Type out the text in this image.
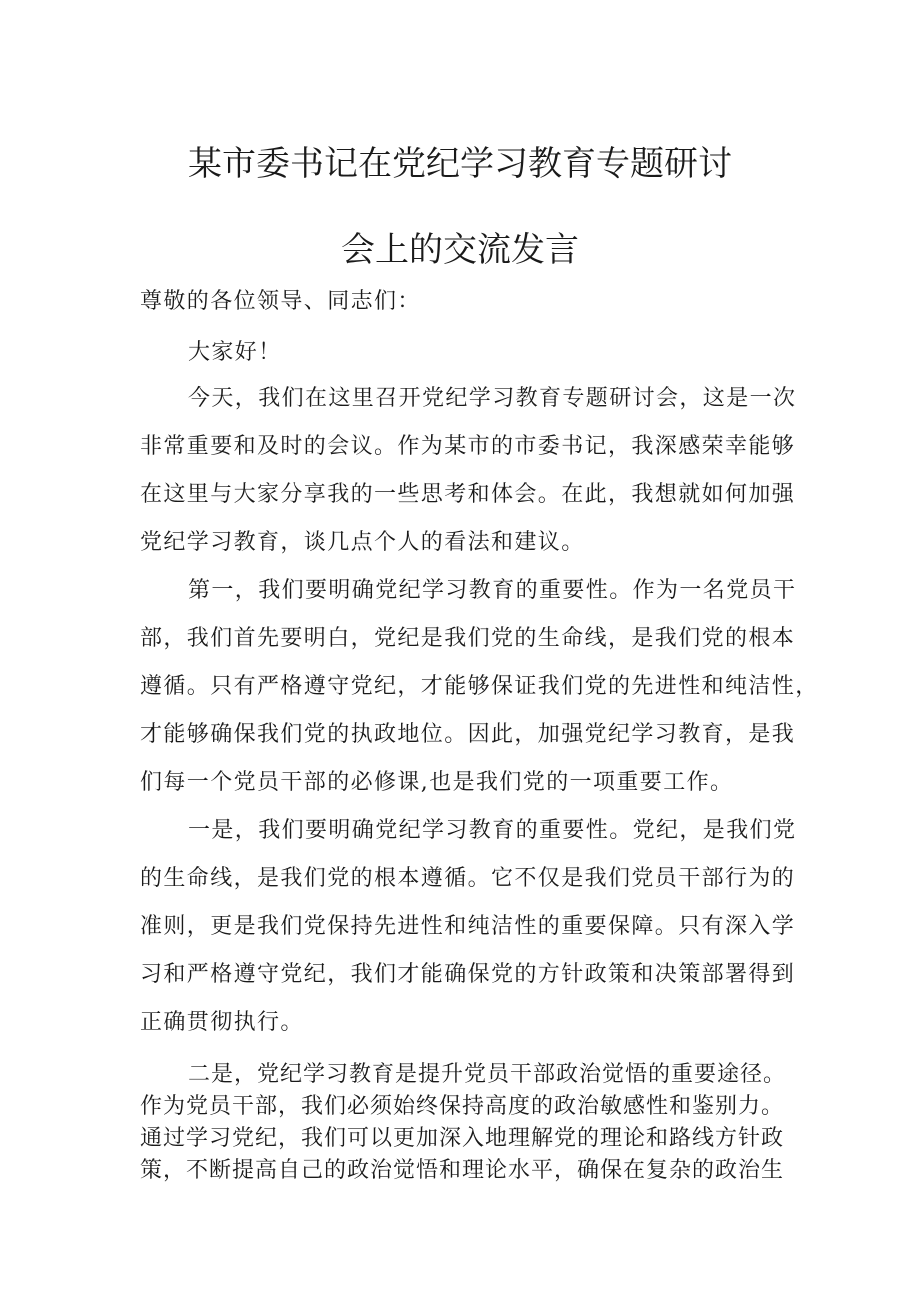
某市委书记在党纪学习教育专题研讨
会上的交流发言

尊敬的各位领导、同志们：

大家好！

今天，我们在这里召开党纪学习教育专题研讨会，这是一次

非常重要和及时的会议。作为某市的市委书记，我深感荣幸能够

在这里与大家分享我的一些思考和体会。在此，我想就如何加强

党纪学习教育，谈几点个人的看法和建议。

第一，我们要明确党纪学习教育的重要性。作为一名党员干

部，我们首先要明白，党纪是我们党的生命线，是我们党的根本

遵循。只有严格遵守党纪，才能够保证我们党的先进性和纯洁性，

才能够确保我们党的执政地位。因此，加强党纪学习教育，是我

们每一个党员干部的必修课,也是我们党的一项重要工作。

一是，我们要明确党纪学习教育的重要性。党纪，是我们党

的生命线，是我们党的根本遵循。它不仅是我们党员干部行为的

准则，更是我们党保持先进性和纯洁性的重要保障。只有深入学

习和严格遵守党纪，我们才能确保党的方针政策和决策部署得到

正确贯彻执行。

二是，党纪学习教育是提升党员干部政治觉悟的重要途径。

作为党员干部，我们必须始终保持高度的政治敏感性和鉴别力。

通过学习党纪，我们可以更加深入地理解党的理论和路线方针政

策，不断提高自己的政治觉悟和理论水平，确保在复杂的政治生
